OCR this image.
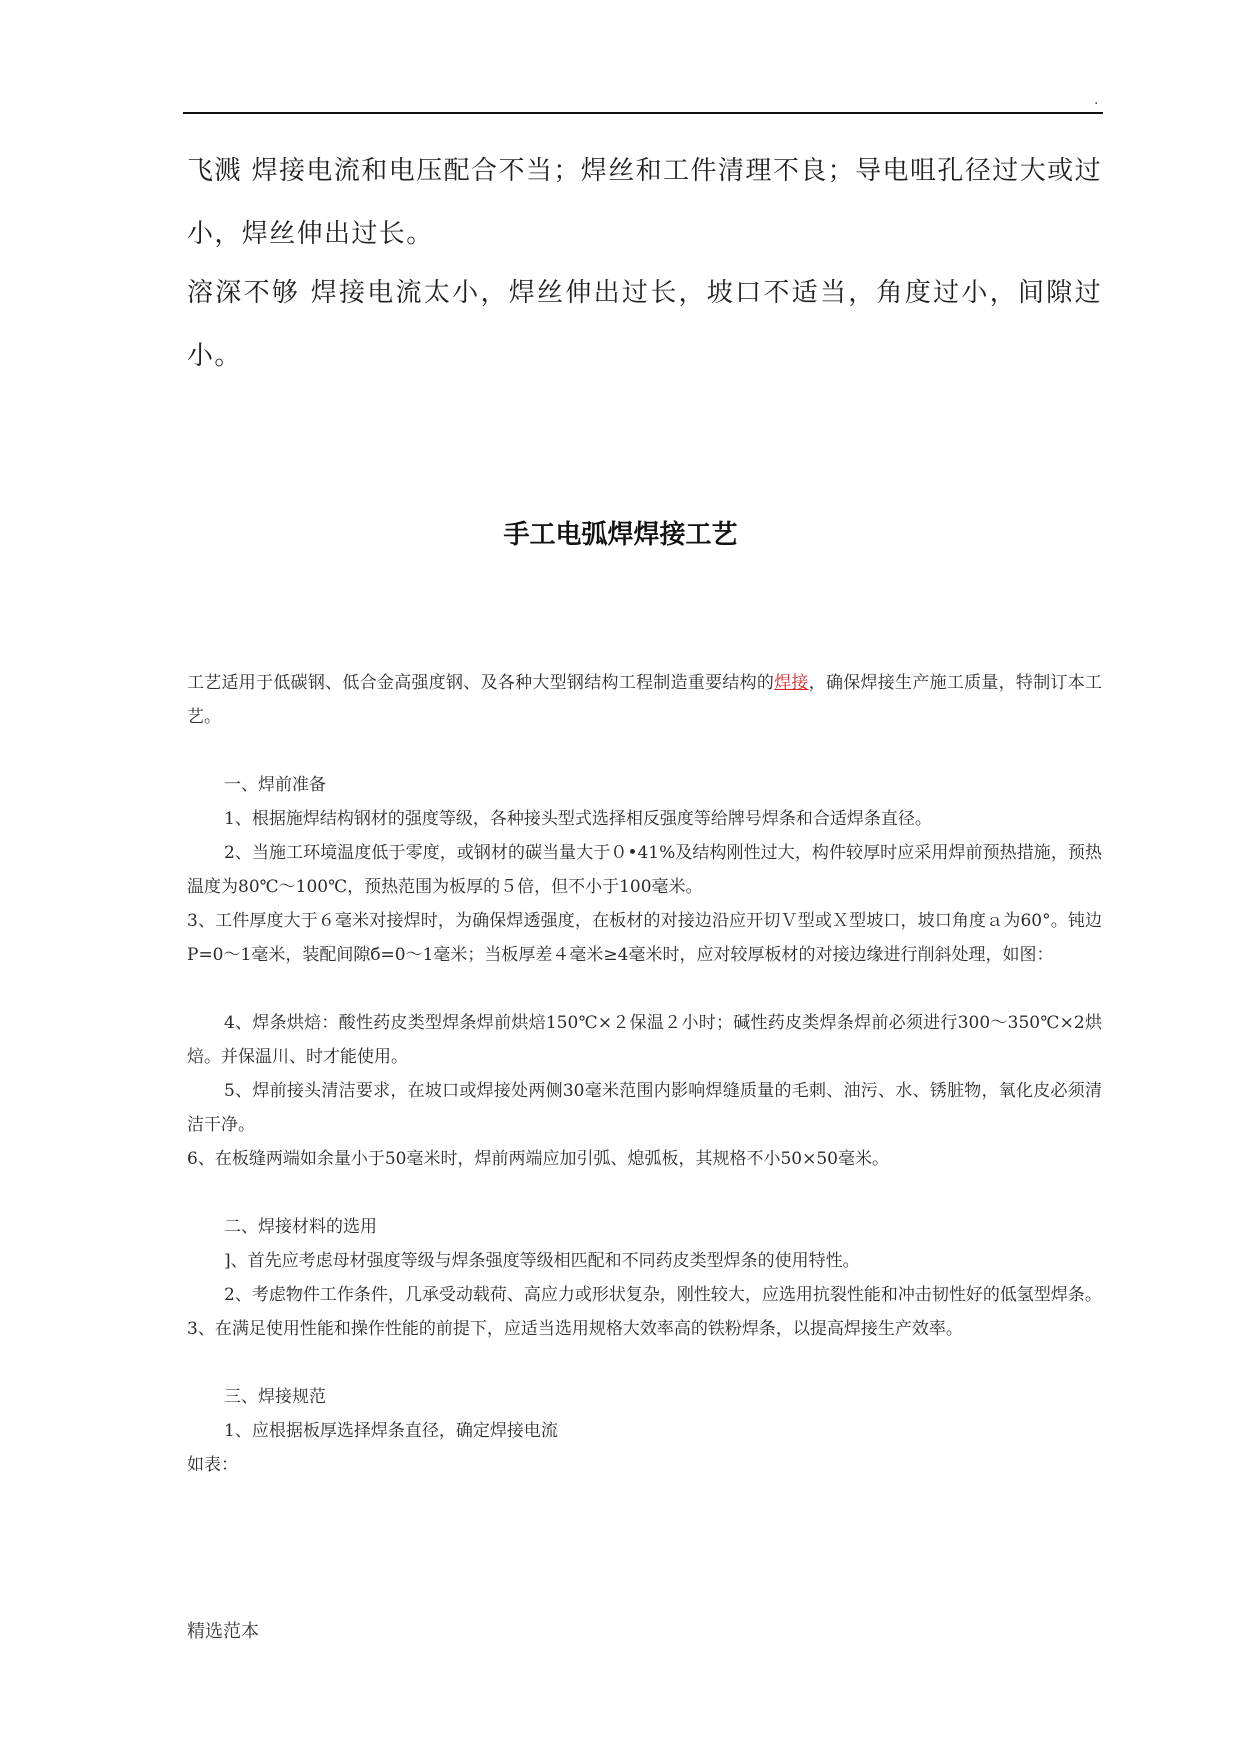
.

飞溅 焊接电流和电压配合不当；焊丝和工件清理不良；导电咀孔径过大或过小，焊丝伸出过长。

溶深不够 焊接电流太小，焊丝伸出过长，坡口不适当，角度过小，间隙过小。

手工电弧焊焊接工艺

工艺适用于低碳钢、低合金高强度钢、及各种大型钢结构工程制造重要结构的焊接，确保焊接生产施工质量，特制订本工艺。

一、焊前准备

1、根据施焊结构钢材的强度等级，各种接头型式选择相反强度等给牌号焊条和合适焊条直径。

2、当施工环境温度低于零度，或钢材的碳当量大于０•41%及结构刚性过大，构件较厚时应采用焊前预热措施，预热温度为80℃～100℃，预热范围为板厚的５倍，但不小于100毫米。

3、工件厚度大于６毫米对接焊时，为确保焊透强度，在板材的对接边沿应开切Ｖ型或Ｘ型坡口，坡口角度ａ为60°。钝边P=0～1毫米，装配间隙б=0～1毫米；当板厚差４毫米≥4毫米时，应对较厚板材的对接边缘进行削斜处理，如图：

4、焊条烘焙：酸性药皮类型焊条焊前烘焙150℃×２保温２小时；碱性药皮类焊条焊前必须进行300～350℃×2烘焙。并保温川、时才能使用。

5、焊前接头清洁要求，在坡口或焊接处两侧30毫米范围内影响焊缝质量的毛刺、油污、水、锈脏物，氧化皮必须清洁干净。

6、在板缝两端如余量小于50毫米时，焊前两端应加引弧、熄弧板，其规格不小50×50毫米。

二、焊接材料的选用

]、首先应考虑母材强度等级与焊条强度等级相匹配和不同药皮类型焊条的使用特性。

2、考虑物件工作条件，几承受动载荷、高应力或形状复杂，刚性较大，应选用抗裂性能和冲击韧性好的低氢型焊条。

3、在满足使用性能和操作性能的前提下，应适当选用规格大效率高的铁粉焊条，以提高焊接生产效率。

三、焊接规范

1、应根据板厚选择焊条直径，确定焊接电流

如表：

精选范本
